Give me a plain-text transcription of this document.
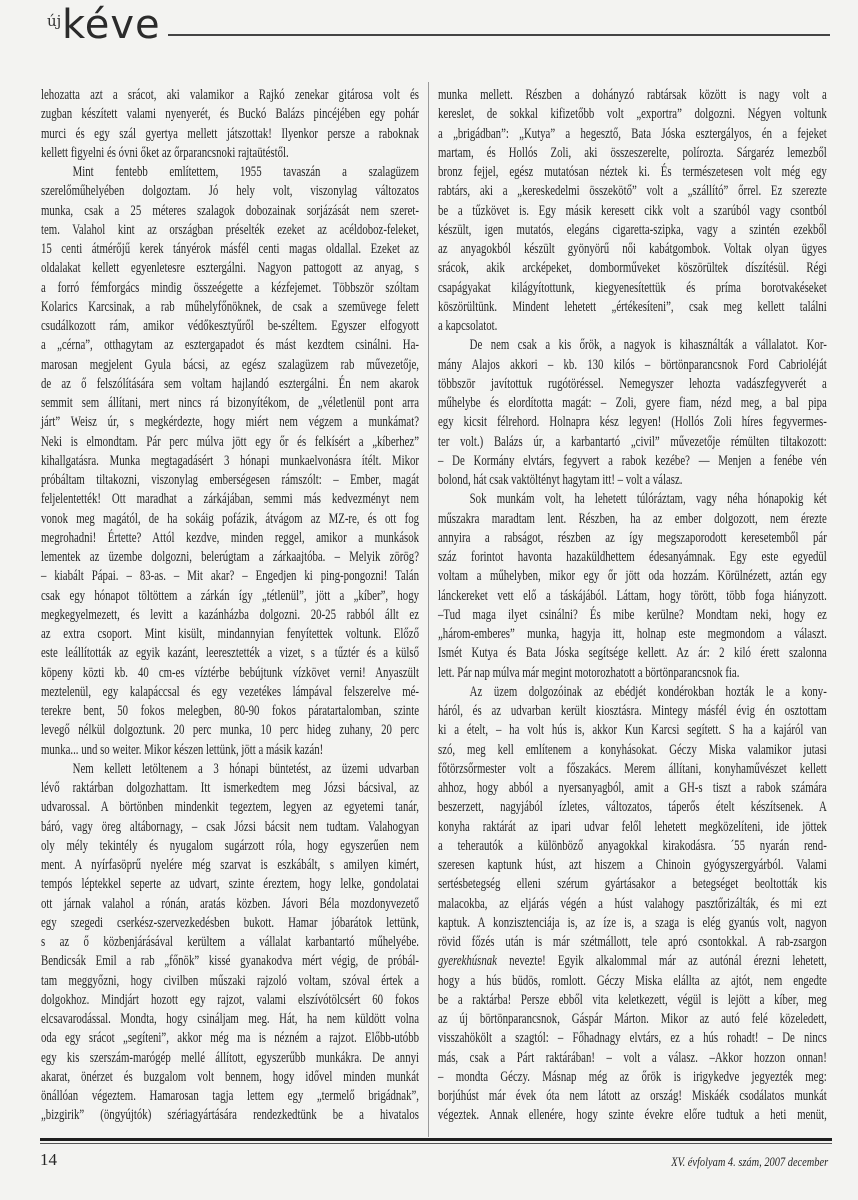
új kéve
lehozatta azt a srácot, aki valamikor a Rajkó zenekar gitárosa volt és
zugban készített valami nyenyerét, és Buckó Balázs pincéjében egy pohár
murci és egy szál gyertya mellett játszottak! Ilyenkor persze a raboknak
kellett figyelni és óvni őket az őrparancsnoki rajtaütéstől.
Mint fentebb említettem, 1955 tavaszán a szalagüzem
szerelőműhelyében dolgoztam. Jó hely volt, viszonylag változatos
munka, csak a 25 méteres szalagok dobozainak sorjázását nem szeret-
tem. Valahol kint az országban préselték ezeket az acéldoboz-feleket,
15 centi átmérőjű kerek tányérok másfél centi magas oldallal. Ezeket az
oldalakat kellett egyenletesre esztergálni. Nagyon pattogott az anyag, s
a forró fémforgács mindig összeégette a kézfejemet. Többször szóltam
Kolarics Karcsinak, a rab műhelyfőnöknek, de csak a szemüvege felett
csudálkozott rám, amikor védőkesztyűről be-széltem. Egyszer elfogyott
a „cérna”, otthagytam az esztergapadot és mást kezdtem csinálni. Ha-
marosan megjelent Gyula bácsi, az egész szalagüzem rab művezetője,
de az ő felszólítására sem voltam hajlandó esztergálni. Én nem akarok
semmit sem állítani, mert nincs rá bizonyítékom, de „véletlenül pont arra
járt” Weisz úr, s megkérdezte, hogy miért nem végzem a munkámat?
Neki is elmondtam. Pár perc múlva jött egy őr és felkísért a „kíberhez”
kihallgatásra. Munka megtagadásért 3 hónapi munkaelvonásra ítélt. Mikor
próbáltam tiltakozni, viszonylag emberségesen rámszólt: – Ember, magát
feljelentették! Ott maradhat a zárkájában, semmi más kedvezményt nem
vonok meg magától, de ha sokáig pofázik, átvágom az MZ-re, és ott fog
megrohadni! Értette? Attól kezdve, minden reggel, amikor a munkások
lementek az üzembe dolgozni, belerúgtam a zárkaajtóba. – Melyik zörög?
– kiabált Pápai. – 83-as. – Mit akar? – Engedjen ki ping-pongozni! Talán
csak egy hónapot töltöttem a zárkán így „tétlenül”, jött a „kíber”, hogy
megkegyelmezett, és levitt a kazánházba dolgozni. 20-25 rabból állt ez
az extra csoport. Mint kisült, mindannyian fenyítettek voltunk. Előző
este leállították az egyik kazánt, leeresztették a vizet, s a tűztér és a külső
köpeny közti kb. 40 cm-es víztérbe bebújtunk vízkövet verni! Anyaszült
meztelenül, egy kalapáccsal és egy vezetékes lámpával felszerelve mé-
terekre bent, 50 fokos melegben, 80-90 fokos páratartalomban, szinte
levegő nélkül dolgoztunk. 20 perc munka, 10 perc hideg zuhany, 20 perc
munka... und so weiter. Mikor készen lettünk, jött a másik kazán!
Nem kellett letöltenem a 3 hónapi büntetést, az üzemi udvarban
lévő raktárban dolgozhattam. Itt ismerkedtem meg Józsi bácsival, az
udvarossal. A börtönben mindenkit tegeztem, legyen az egyetemi tanár,
báró, vagy öreg altábornagy, – csak Józsi bácsit nem tudtam. Valahogyan
oly mély tekintély és nyugalom sugárzott róla, hogy egyszerűen nem
ment. A nyírfasöprű nyelére még szarvat is eszkábált, s amilyen kimért,
tempós léptekkel seperte az udvart, szinte éreztem, hogy lelke, gondolatai
ott járnak valahol a rónán, aratás közben. Jávori Béla mozdonyvezető
egy szegedi cserkész-szervezkedésben bukott. Hamar jóbarátok lettünk,
s az ő közbenjárásával kerültem a vállalat karbantartó műhelyébe.
Bendicsák Emil a rab „főnök” kissé gyanakodva mért végig, de próbál-
tam meggyőzni, hogy civilben műszaki rajzoló voltam, szóval értek a
dolgokhoz. Mindjárt hozott egy rajzot, valami elszívótölcsért 60 fokos
elcsavarodással. Mondta, hogy csináljam meg. Hát, ha nem küldött volna
oda egy srácot „segíteni”, akkor még ma is nézném a rajzot. Előbb-utóbb
egy kis szerszám-marógép mellé állított, egyszerűbb munkákra. De annyi
akarat, önérzet és buzgalom volt bennem, hogy idővel minden munkát
önállóan végeztem. Hamarosan tagja lettem egy „termelő brigádnak”,
„bizgirik” (öngyújtók) szériagyártására rendezkedtünk be a hivatalos
munka mellett. Részben a dohányzó rabtársak között is nagy volt a
kereslet, de sokkal kifizetőbb volt „exportra” dolgozni. Négyen voltunk
a „brigádban”: „Kutya” a hegesztő, Bata Jóska esztergályos, én a fejeket
martam, és Hollós Zoli, aki összeszerelte, polírozta. Sárgaréz lemezből
bronz fejjel, egész mutatósan néztek ki. És természetesen volt még egy
rabtárs, aki a „kereskedelmi összekötő” volt a „szállító” őrrel. Ez szerezte
be a tűzkövet is. Egy másik keresett cikk volt a szarúból vagy csontból
készült, igen mutatós, elegáns cigaretta-szipka, vagy a szintén ezekből
az anyagokból készült gyönyörű női kabátgombok. Voltak olyan ügyes
srácok, akik arcképeket, domborműveket köszörültek díszítésül. Régi
csapágyakat kilágyítottunk, kiegyenesítettük és príma borotvakéseket
köszörültünk. Mindent lehetett „értékesíteni”, csak meg kellett találni
a kapcsolatot.
De nem csak a kis őrök, a nagyok is kihasználták a vállalatot. Kor-
mány Alajos akkori – kb. 130 kilós – börtönparancsnok Ford Cabrioléját
többször javítottuk rugótöréssel. Nemegyszer lehozta vadászfegyverét a
műhelybe és elordította magát: – Zoli, gyere fiam, nézd meg, a bal pipa
egy kicsit félrehord. Holnapra kész legyen! (Hollós Zoli híres fegyvermes-
ter volt.) Balázs úr, a karbantartó „civil” művezetője rémülten tiltakozott:
– De Kormány elvtárs, fegyvert a rabok kezébe? — Menjen a fenébe vén
bolond, hát csak vaktöltényt hagytam itt! – volt a válasz.
Sok munkám volt, ha lehetett túlóráztam, vagy néha hónapokig két
műszakra maradtam lent. Részben, ha az ember dolgozott, nem érezte
annyira a rabságot, részben az így megszaporodott keresetemből pár
száz forintot havonta hazaküldhettem édesanyámnak. Egy este egyedül
voltam a műhelyben, mikor egy őr jött oda hozzám. Körülnézett, aztán egy
lánckereket vett elő a táskájából. Láttam, hogy törött, több foga hiányzott.
–Tud maga ilyet csinálni? És mibe kerülne? Mondtam neki, hogy ez
„három-emberes” munka, hagyja itt, holnap este megmondom a választ.
Ismét Kutya és Bata Jóska segítsége kellett. Az ár: 2 kiló érett szalonna
lett. Pár nap múlva már megint motorozhatott a börtönparancsnok fia.
Az üzem dolgozóinak az ebédjét kondérokban hozták le a kony-
háról, és az udvarban került kiosztásra. Mintegy másfél évig én osztottam
ki a ételt, – ha volt hús is, akkor Kun Karcsi segített. S ha a kajáról van
szó, meg kell említenem a konyhásokat. Géczy Miska valamikor jutasi
főtörzsőrmester volt a főszakács. Merem állítani, konyhaművészet kellett
ahhoz, hogy abból a nyersanyagból, amit a GH-s tiszt a rabok számára
beszerzett, nagyjából ízletes, változatos, táperős ételt készítsenek. A
konyha raktárát az ipari udvar felől lehetett megközelíteni, ide jöttek
a teherautók a különböző anyagokkal kirakodásra. ´55 nyarán rend-
szeresen kaptunk húst, azt hiszem a Chinoin gyógyszergyárból. Valami
sertésbetegség elleni szérum gyártásakor a betegséget beoltották kis
malacokba, az eljárás végén a húst valahogy pasztőrizálták, és mi ezt
kaptuk. A konzisztenciája is, az íze is, a szaga is elég gyanús volt, nagyon
rövid főzés után is már szétmállott, tele apró csontokkal. A rab-zsargon
gyerekhúsnak nevezte! Egyik alkalommal már az autónál érezni lehetett,
hogy a hús büdös, romlott. Géczy Miska elállta az ajtót, nem engedte
be a raktárba! Persze ebből vita keletkezett, végül is lejött a kíber, meg
az új börtönparancsnok, Gáspár Márton. Mikor az autó felé közeledett,
visszahökölt a szagtól: – Főhadnagy elvtárs, ez a hús rohadt! – De nincs
más, csak a Párt raktárában! – volt a válasz. –Akkor hozzon onnan!
– mondta Géczy. Másnap még az őrök is irigykedve jegyezték meg:
borjúhúst már évek óta nem látott az ország! Miskáék csodálatos munkát
végeztek. Annak ellenére, hogy szinte évekre előre tudtuk a heti menüt,
14	XV. évfolyam 4. szám, 2007 december
